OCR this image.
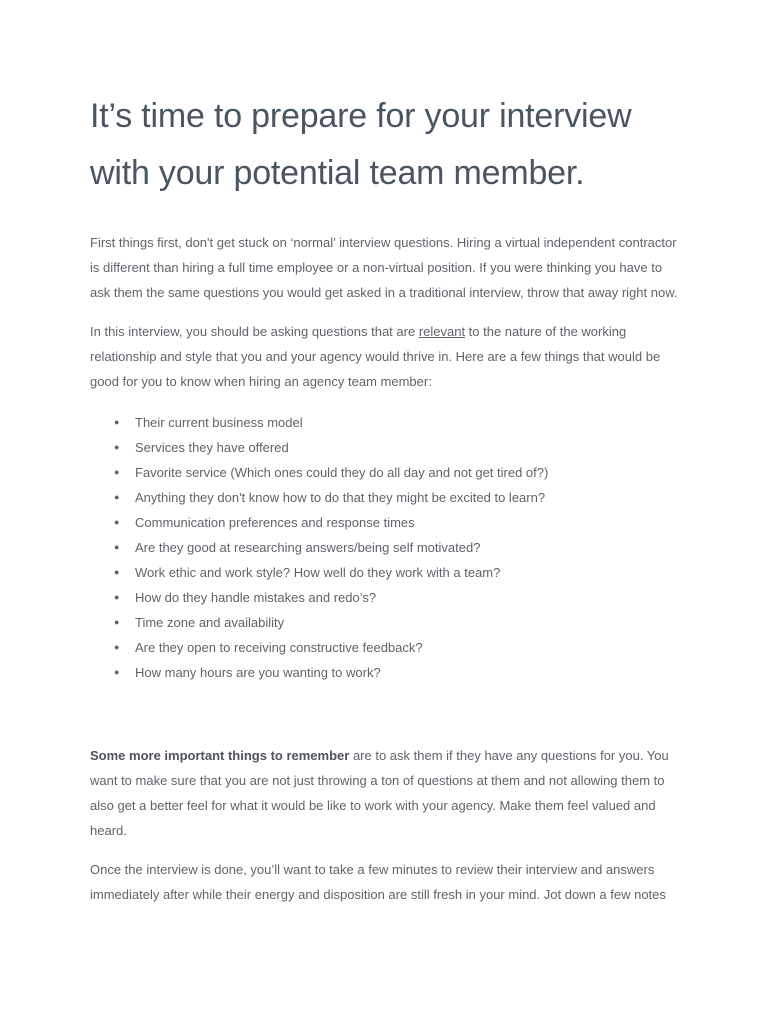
It’s time to prepare for your interview with your potential team member.

First things first, don't get stuck on ‘normal’ interview questions. Hiring a virtual independent contractor is different than hiring a full time employee or a non-virtual position. If you were thinking you have to ask them the same questions you would get asked in a traditional interview, throw that away right now.

In this interview, you should be asking questions that are relevant to the nature of the working relationship and style that you and your agency would thrive in. Here are a few things that would be good for you to know when hiring an agency team member:

● Their current business model
● Services they have offered
● Favorite service (Which ones could they do all day and not get tired of?)
● Anything they don't know how to do that they might be excited to learn?
● Communication preferences and response times
● Are they good at researching answers/being self motivated?
● Work ethic and work style? How well do they work with a team?
● How do they handle mistakes and redo’s?
● Time zone and availability
● Are they open to receiving constructive feedback?
● How many hours are you wanting to work?

Some more important things to remember are to ask them if they have any questions for you. You want to make sure that you are not just throwing a ton of questions at them and not allowing them to also get a better feel for what it would be like to work with your agency. Make them feel valued and heard.

Once the interview is done, you’ll want to take a few minutes to review their interview and answers immediately after while their energy and disposition are still fresh in your mind. Jot down a few notes
